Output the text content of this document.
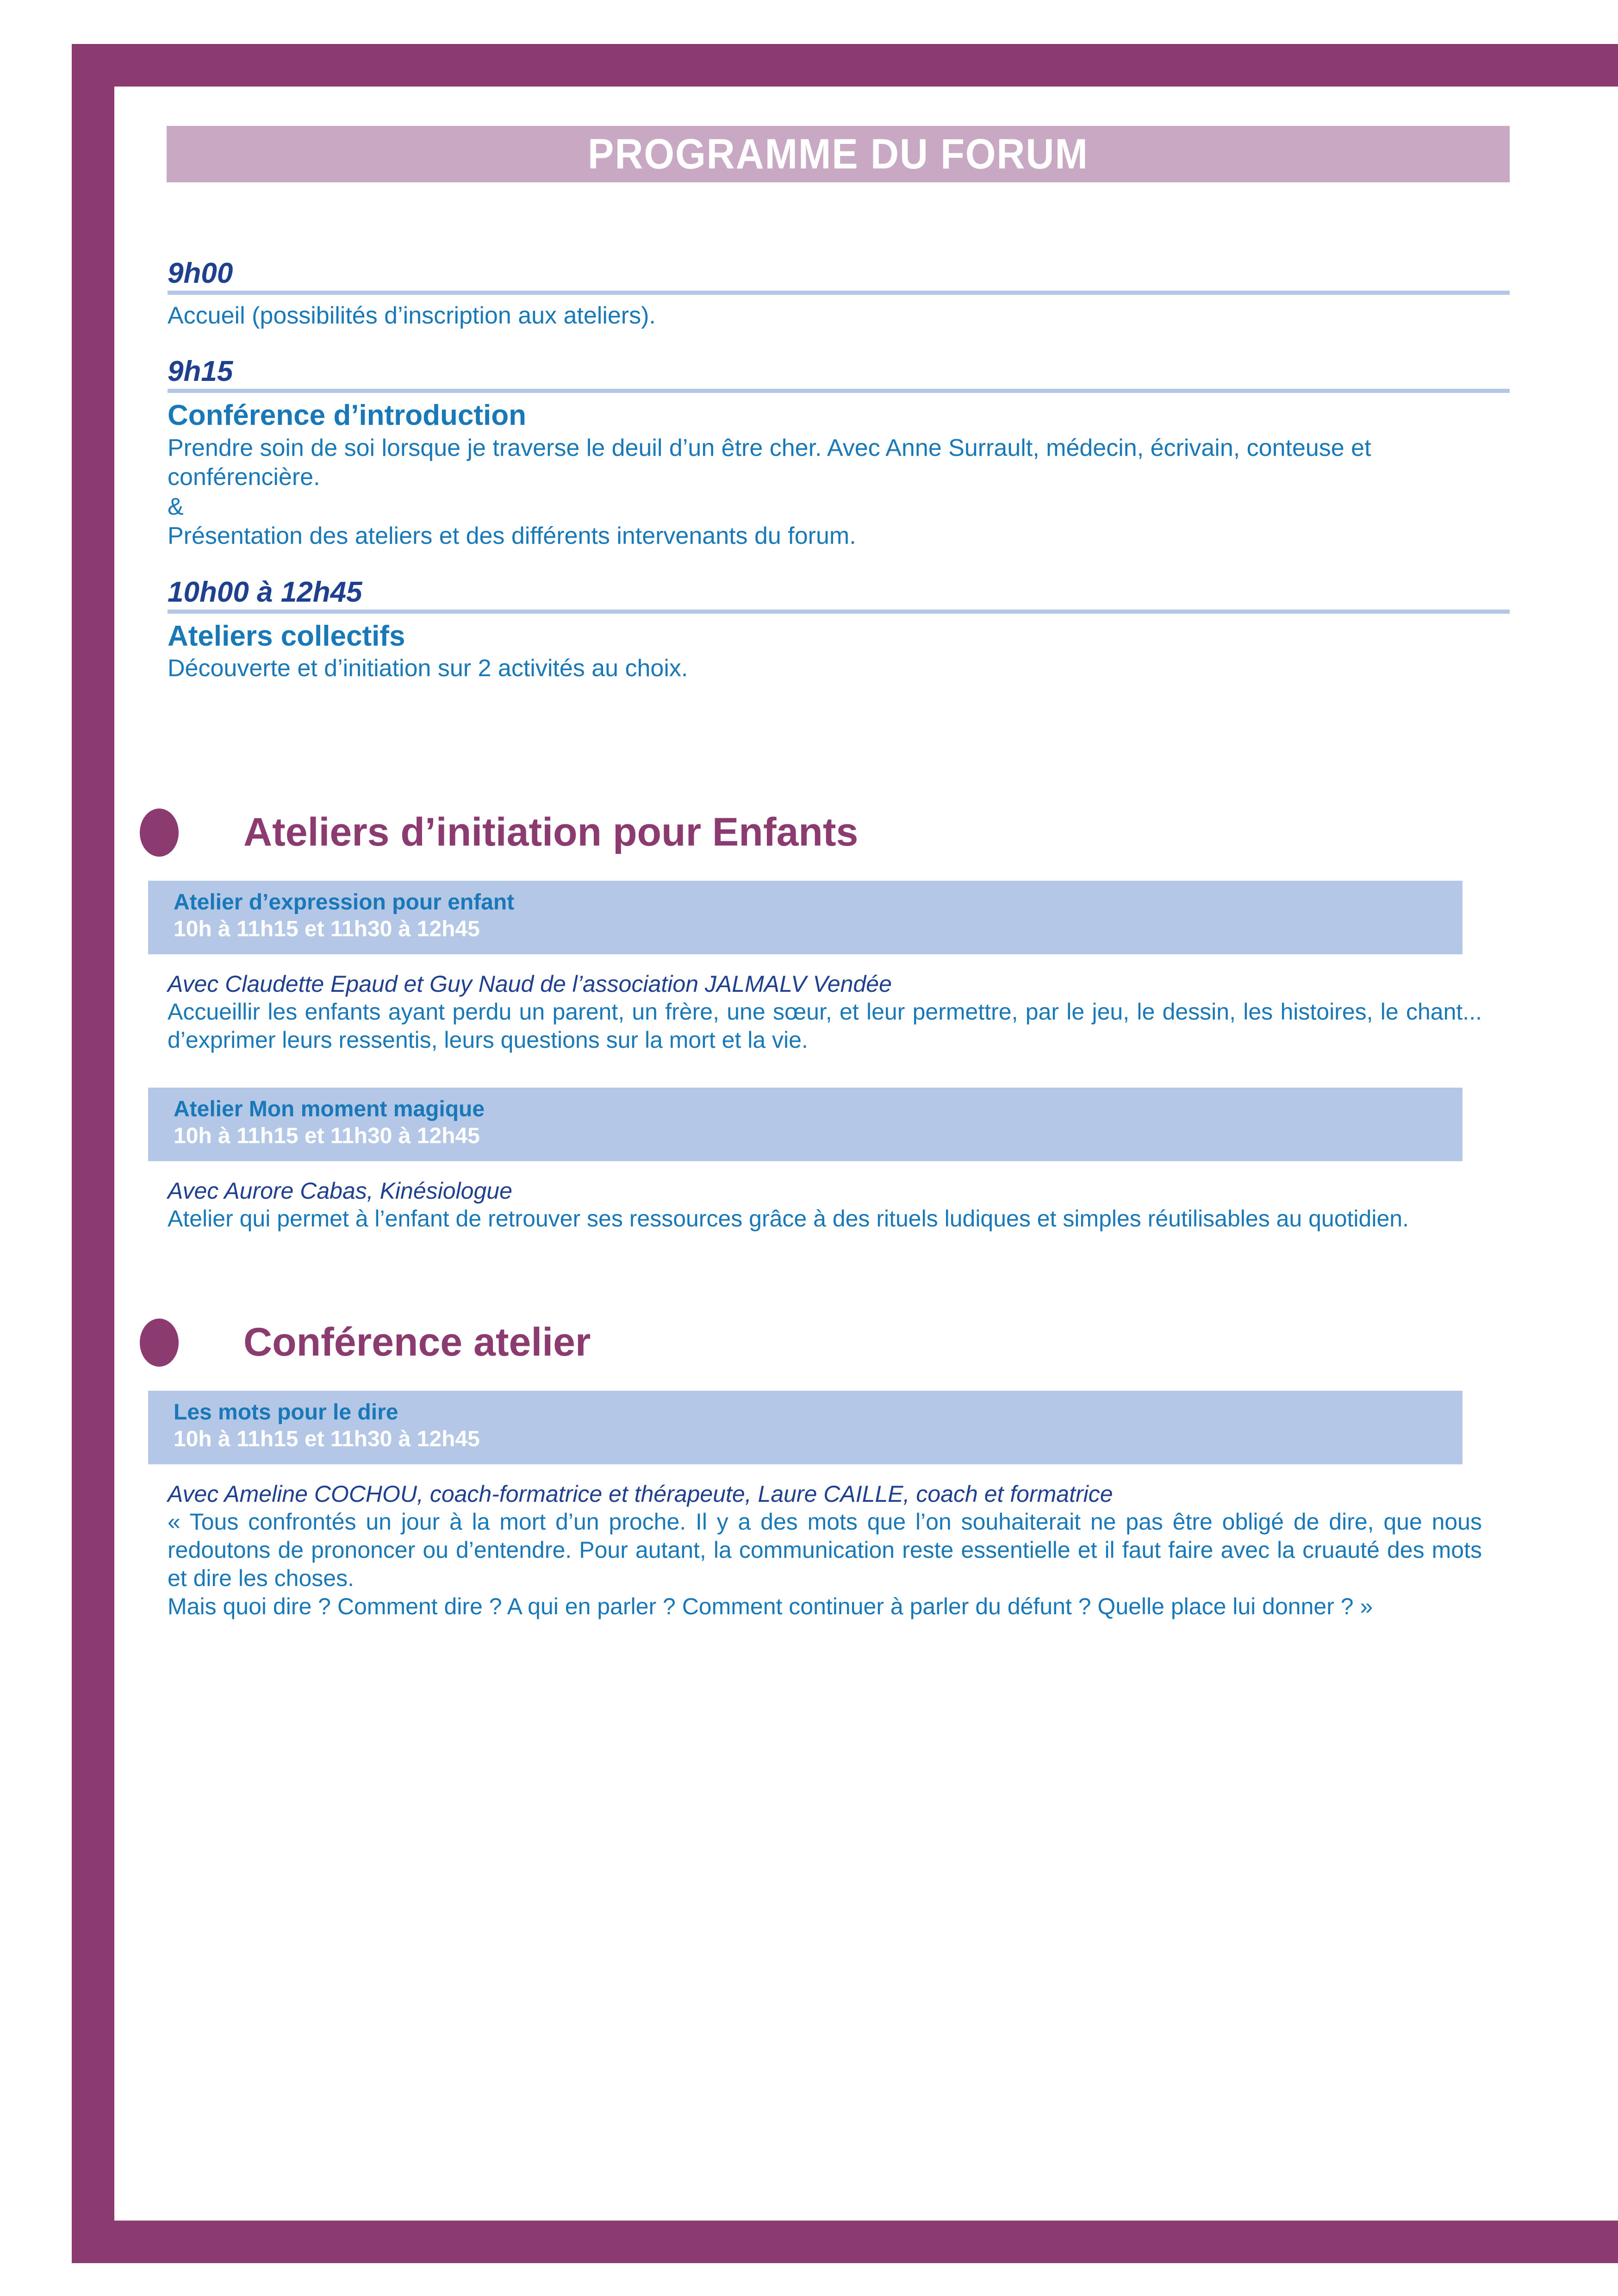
PROGRAMME DU FORUM
9h00
Accueil (possibilités d’inscription aux ateliers).
9h15
Conférence d’introduction
Prendre soin de soi lorsque je traverse le deuil d’un être cher. Avec Anne Surrault, médecin, écrivain, conteuse et conférencière.
&
Présentation des ateliers et des différents intervenants du forum.
10h00 à 12h45
Ateliers collectifs
Découverte et d’initiation sur 2 activités au choix.
Ateliers d’initiation pour Enfants
Atelier d’expression pour enfant
10h à 11h15 et 11h30 à 12h45
Avec Claudette Epaud et Guy Naud de l’association JALMALV Vendée
Accueillir les enfants ayant perdu un parent, un frère, une sœur, et leur permettre, par le jeu, le dessin, les histoires, le chant... d’exprimer leurs ressentis, leurs questions sur la mort et la vie.
Atelier Mon moment magique
10h à 11h15 et 11h30 à 12h45
Avec Aurore Cabas, Kinésiologue
Atelier qui permet à l’enfant de retrouver ses ressources grâce à des rituels ludiques et simples réutilisables au quotidien.
Conférence atelier
Les mots pour le dire
10h à 11h15 et 11h30 à 12h45
Avec Ameline COCHOU, coach-formatrice et thérapeute, Laure CAILLE, coach et formatrice
« Tous confrontés un jour à la mort d’un proche. Il y a des mots que l’on souhaiterait ne pas être obligé de dire, que nous redoutons de prononcer ou d’entendre. Pour autant, la communication reste essentielle et il faut faire avec la cruauté des mots et dire les choses.
Mais quoi dire ? Comment dire ? A qui en parler ? Comment continuer à parler du défunt ? Quelle place lui donner ? »
